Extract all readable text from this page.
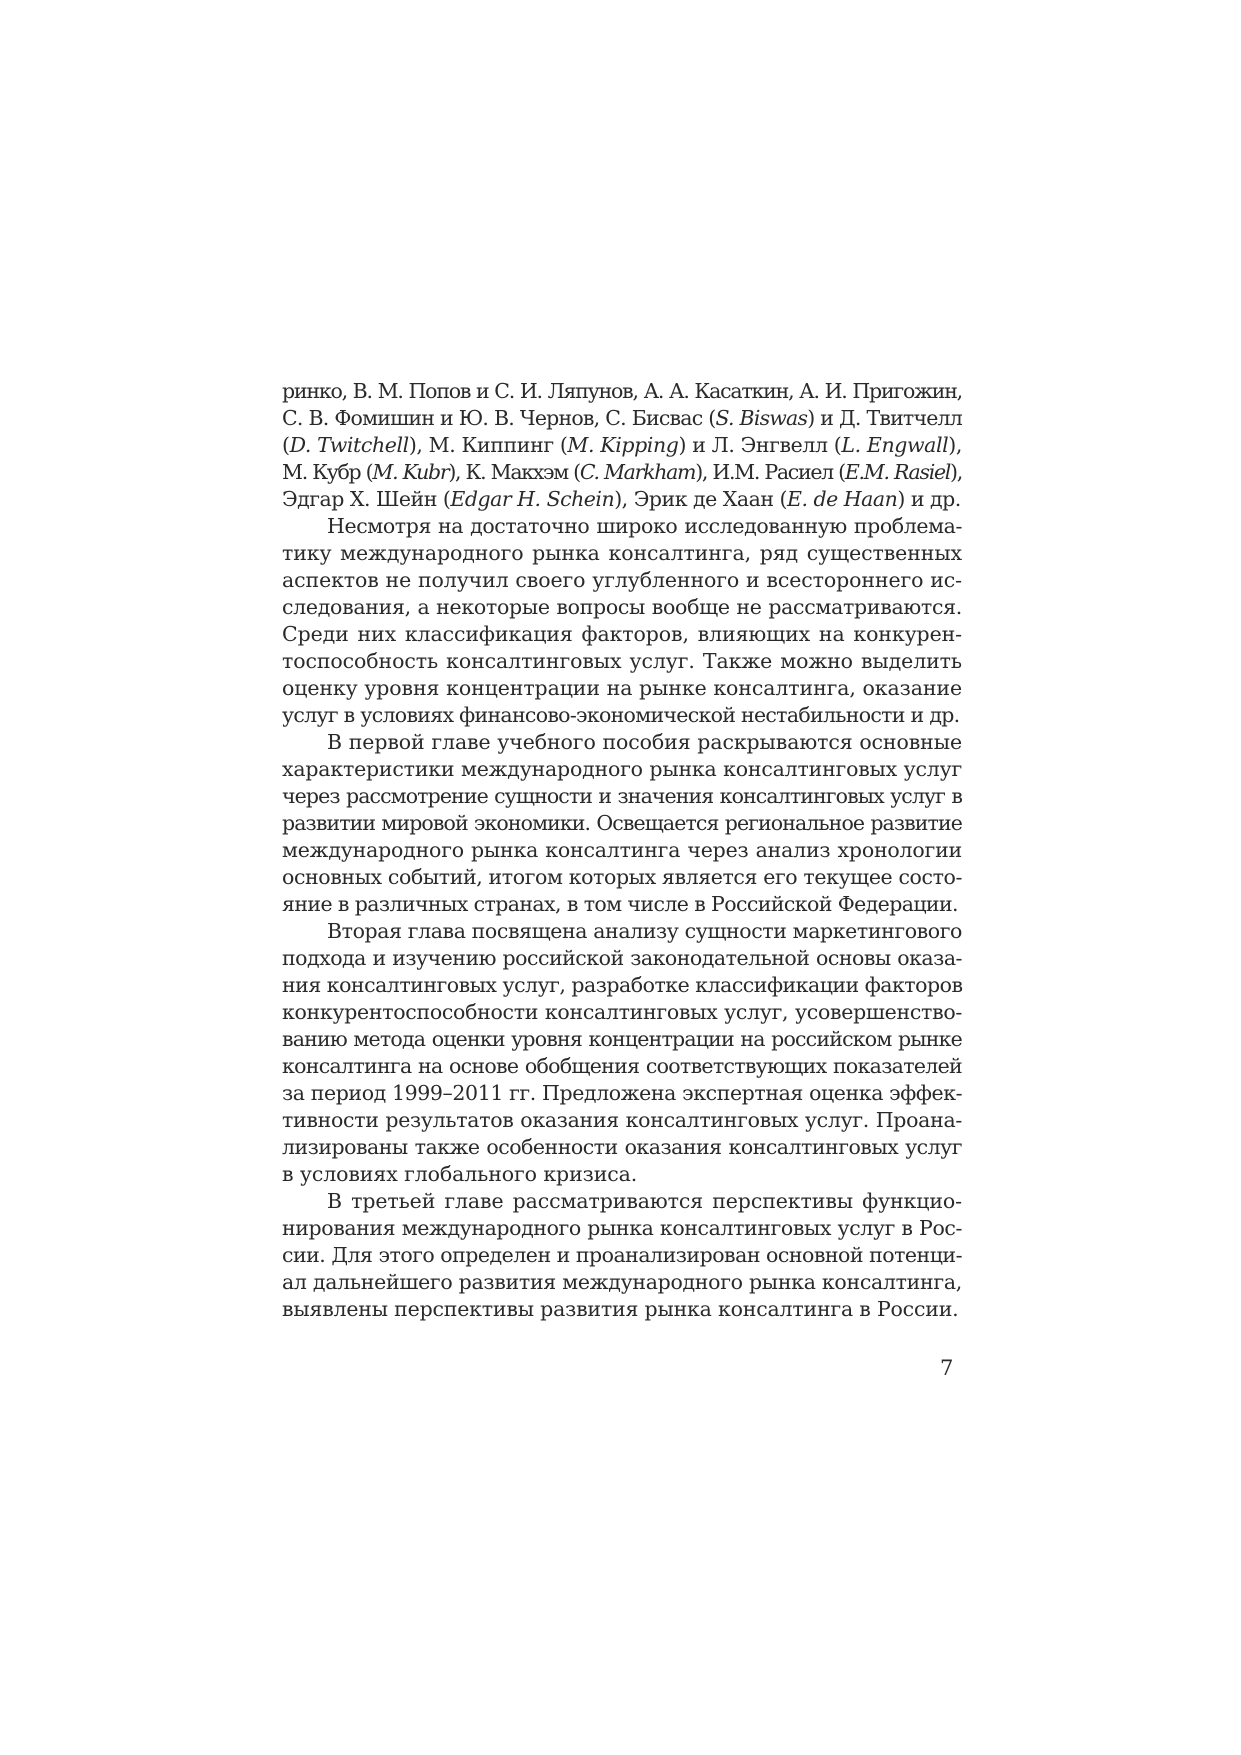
ринко, В. М. Попов и С. И. Ляпунов, А. А. Касаткин, А. И. Пригожин,
С. В. Фомишин и Ю. В. Чернов, С. Бисвас (S. Biswas) и Д. Твитчелл
(D. Twitchell), М. Киппинг (M. Kipping) и Л. Энгвелл (L. Engwall),
М. Кубр (M. Kubr), К. Макхэм (C. Markham), И.М. Расиел (E.M. Rasiel),
Эдгар Х. Шейн (Edgar H. Schein), Эрик де Хаан (E. de Haan) и др.
Несмотря на достаточно широко исследованную проблема-
тику международного рынка консалтинга, ряд существенных
аспектов не получил своего углубленного и всестороннего ис-
следования, а некоторые вопросы вообще не рассматриваются.
Среди них классификация факторов, влияющих на конкурен-
тоспособность консалтинговых услуг. Также можно выделить
оценку уровня концентрации на рынке консалтинга, оказание
услуг в условиях финансово-экономической нестабильности и др.
В первой главе учебного пособия раскрываются основные
характеристики международного рынка консалтинговых услуг
через рассмотрение сущности и значения консалтинговых услуг в
развитии мировой экономики. Освещается региональное развитие
международного рынка консалтинга через анализ хронологии
основных событий, итогом которых является его текущее состо-
яние в различных странах, в том числе в Российской Федерации.
Вторая глава посвящена анализу сущности маркетингового
подхода и изучению российской законодательной основы оказа-
ния консалтинговых услуг, разработке классификации факторов
конкурентоспособности консалтинговых услуг, усовершенство-
ванию метода оценки уровня концентрации на российском рынке
консалтинга на основе обобщения соответствующих показателей
за период 1999–2011 гг. Предложена экспертная оценка эффек-
тивности результатов оказания консалтинговых услуг. Проана-
лизированы также особенности оказания консалтинговых услуг
в условиях глобального кризиса.
В третьей главе рассматриваются перспективы функцио-
нирования международного рынка консалтинговых услуг в Рос-
сии. Для этого определен и проанализирован основной потенци-
ал дальнейшего развития международного рынка консалтинга,
выявлены перспективы развития рынка консалтинга в России.
7
